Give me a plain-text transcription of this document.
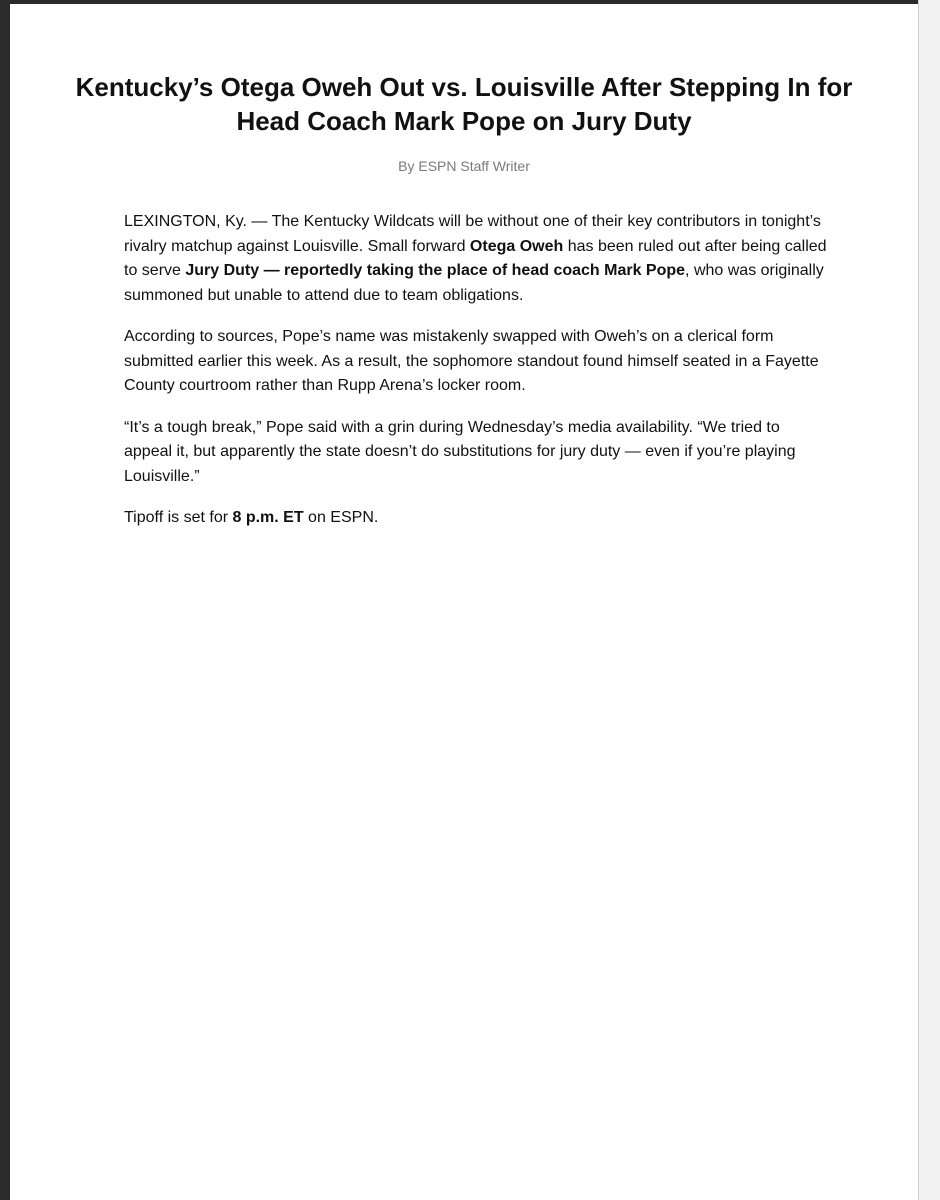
Kentucky’s Otega Oweh Out vs. Louisville After Stepping In for Head Coach Mark Pope on Jury Duty
By ESPN Staff Writer

LEXINGTON, Ky. — The Kentucky Wildcats will be without one of their key contributors in tonight’s rivalry matchup against Louisville. Small forward Otega Oweh has been ruled out after being called to serve Jury Duty — reportedly taking the place of head coach Mark Pope, who was originally summoned but unable to attend due to team obligations.

According to sources, Pope’s name was mistakenly swapped with Oweh’s on a clerical form submitted earlier this week. As a result, the sophomore standout found himself seated in a Fayette County courtroom rather than Rupp Arena’s locker room.

“It’s a tough break,” Pope said with a grin during Wednesday’s media availability. “We tried to appeal it, but apparently the state doesn’t do substitutions for jury duty — even if you’re playing Louisville.”

Tipoff is set for 8 p.m. ET on ESPN.
